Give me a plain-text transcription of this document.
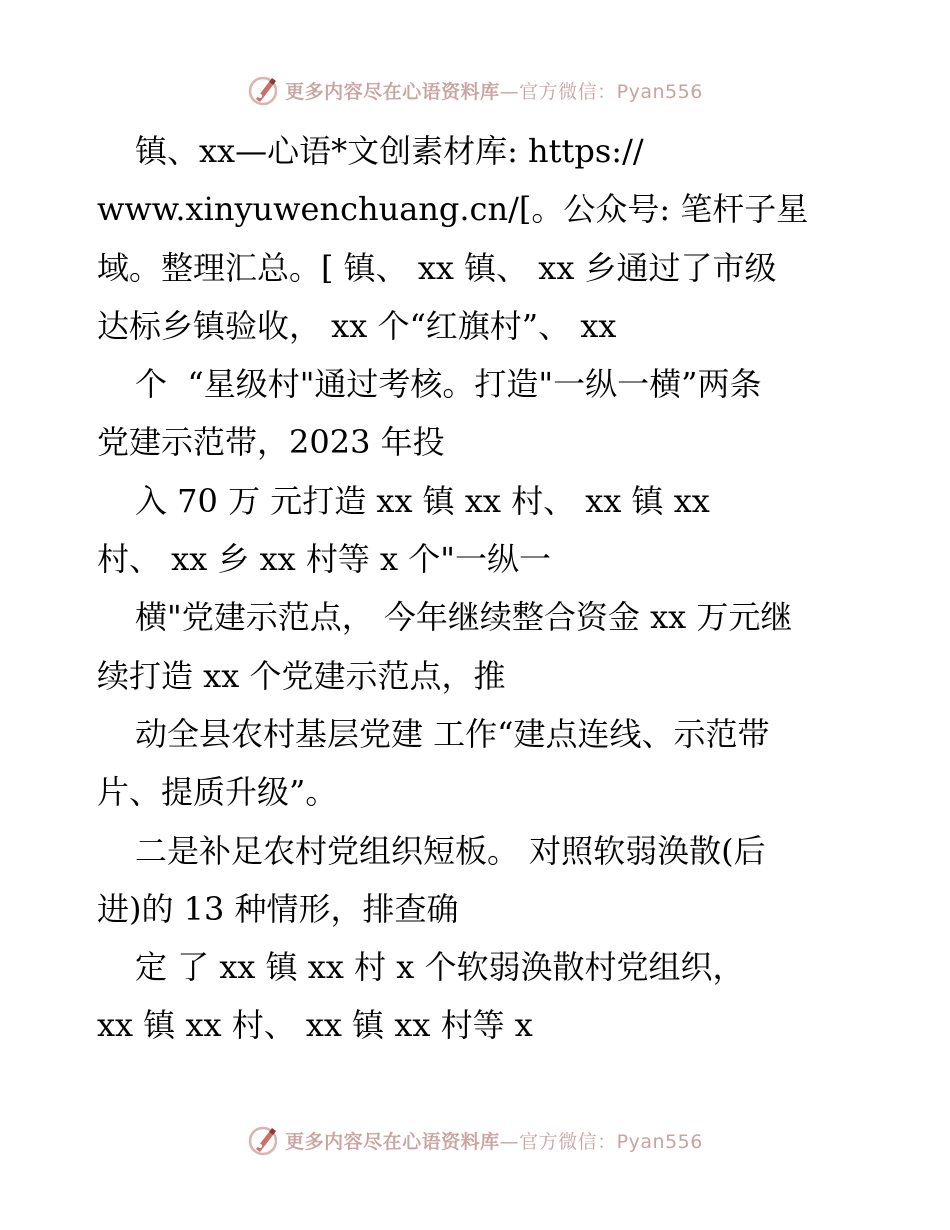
更多内容尽在心语资料库—官方微信：Pyan556
镇、xx—心语*文创素材库: https://
www.xinyuwenchuang.cn/[。公众号: 笔杆子星
域。整理汇总。[ 镇、 xx 镇、 xx 乡通过了市级
达标乡镇验收， xx 个“红旗村”、 xx
个  “星级村"通过考核。打造"一纵一横”两条
党建示范带，2023 年投
入 70 万 元打造 xx 镇 xx 村、 xx 镇 xx
村、 xx 乡 xx 村等 x 个"一纵一
横"党建示范点， 今年继续整合资金 xx 万元继
续打造 xx 个党建示范点，推
动全县农村基层党建 工作“建点连线、示范带
片、提质升级”。
二是补足农村党组织短板。 对照软弱涣散(后
进)的 13 种情形，排查确
定 了 xx 镇 xx 村 x 个软弱涣散村党组织，
xx 镇 xx 村、 xx 镇 xx 村等 x
更多内容尽在心语资料库—官方微信：Pyan556
